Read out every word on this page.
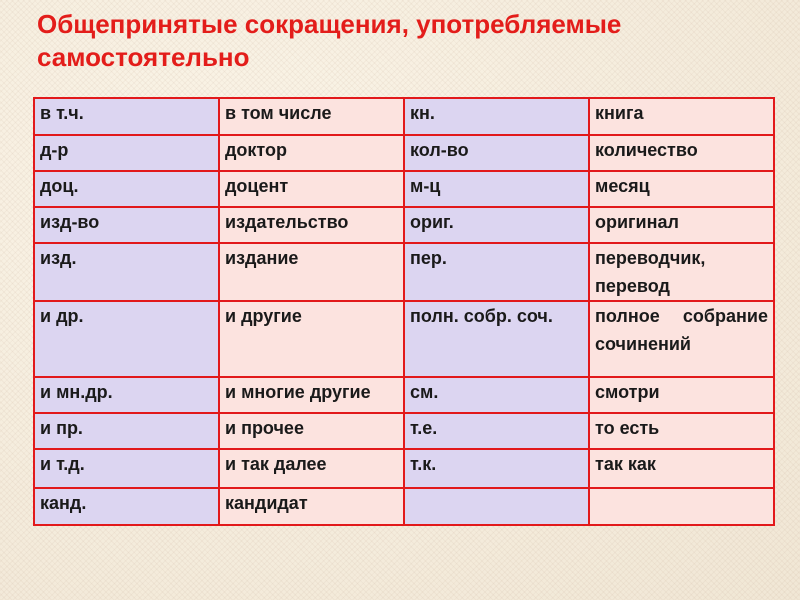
Общепринятые сокращения, употребляемые самостоятельно
в т.ч.	в том числе	кн.	книга
д-р	доктор	кол-во	количество
доц.	доцент	м-ц	месяц
изд-во	издательство	ориг.	оригинал
изд.	издание	пер.	переводчик, перевод
и др.	и другие	полн. собр. соч.	полное собрание сочинений
и мн.др.	и многие другие	см.	смотри
и пр.	и прочее	т.е.	то есть
и т.д.	и так далее	т.к.	так как
канд.	кандидат		
